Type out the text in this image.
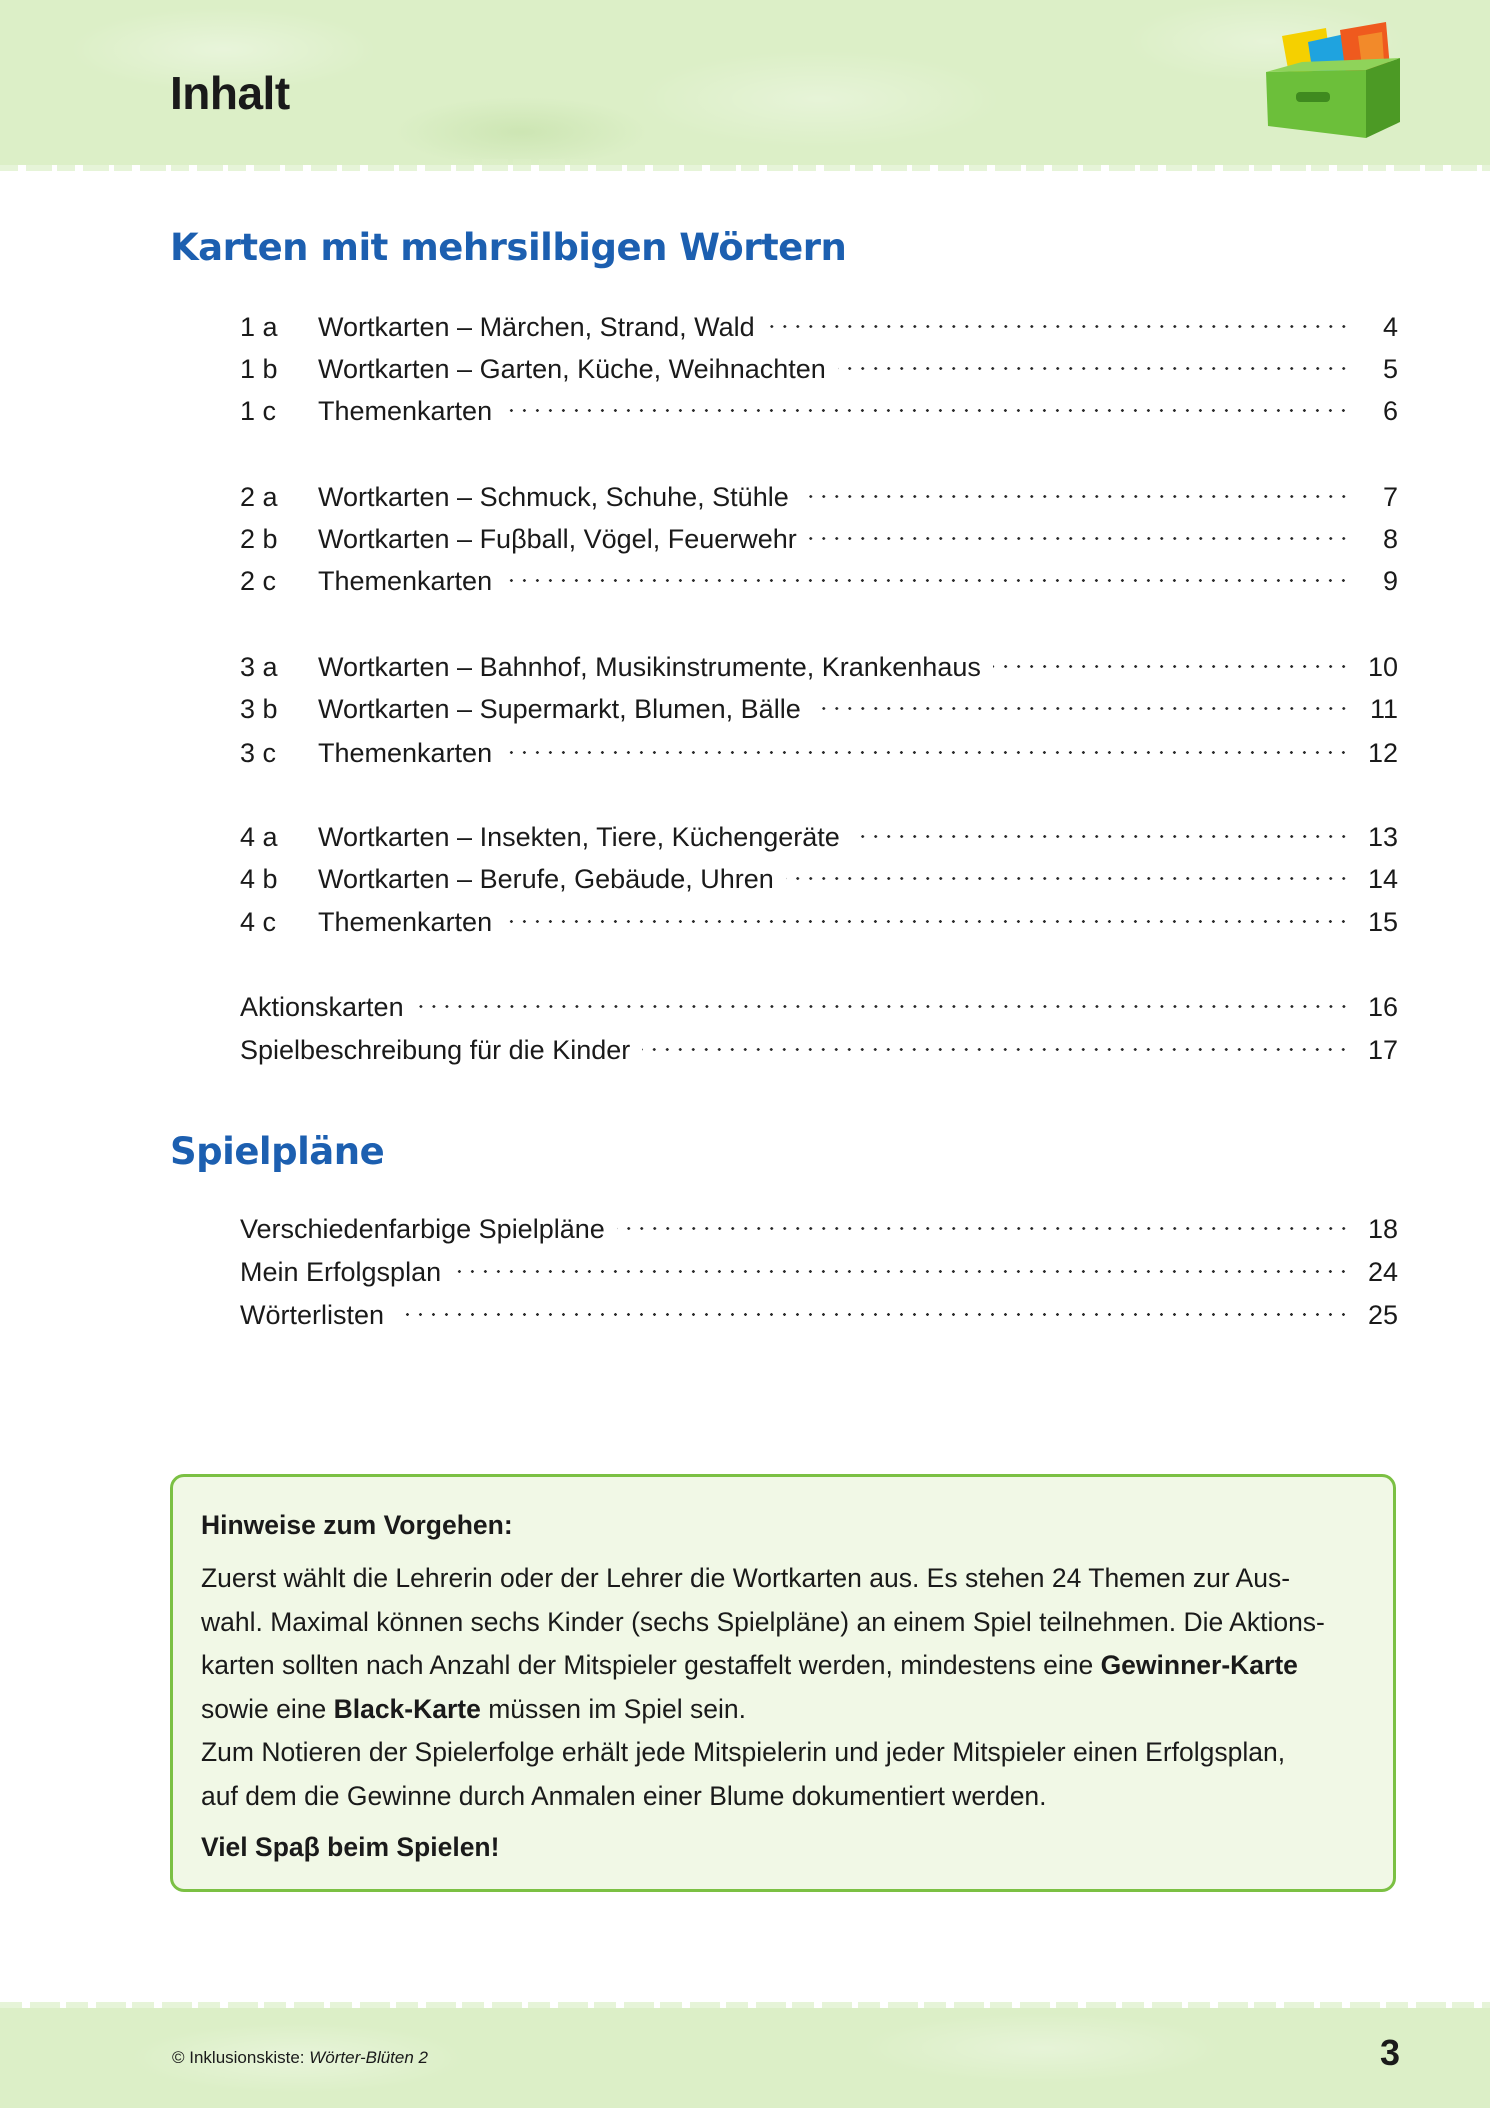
Inhalt
Karten mit mehrsilbigen Wörtern
1 a	Wortkarten – Märchen, Strand, Wald	4
1 b	Wortkarten – Garten, Küche, Weihnachten	5
1 c	Themenkarten	6
2 a	Wortkarten – Schmuck, Schuhe, Stühle	7
2 b	Wortkarten – Fuβball, Vögel, Feuerwehr	8
2 c	Themenkarten	9
3 a	Wortkarten – Bahnhof, Musikinstrumente, Krankenhaus	10
3 b	Wortkarten – Supermarkt, Blumen, Bälle	11
3 c	Themenkarten	12
4 a	Wortkarten – Insekten, Tiere, Küchengeräte	13
4 b	Wortkarten – Berufe, Gebäude, Uhren	14
4 c	Themenkarten	15
Aktionskarten	16
Spielbeschreibung für die Kinder	17
Spielpläne
Verschiedenfarbige Spielpläne	18
Mein Erfolgsplan	24
Wörterlisten	25
Hinweise zum Vorgehen:

Zuerst wählt die Lehrerin oder der Lehrer die Wortkarten aus. Es stehen 24 Themen zur Aus-
wahl. Maximal können sechs Kinder (sechs Spielpläne) an einem Spiel teilnehmen. Die Aktions-
karten sollten nach Anzahl der Mitspieler gestaffelt werden, mindestens eine Gewinner-Karte
sowie eine Black-Karte müssen im Spiel sein.
Zum Notieren der Spielerfolge erhält jede Mitspielerin und jeder Mitspieler einen Erfolgsplan,
auf dem die Gewinne durch Anmalen einer Blume dokumentiert werden.

Viel Spaβ beim Spielen!
© Inklusionskiste: Wörter-Blüten 2	3
